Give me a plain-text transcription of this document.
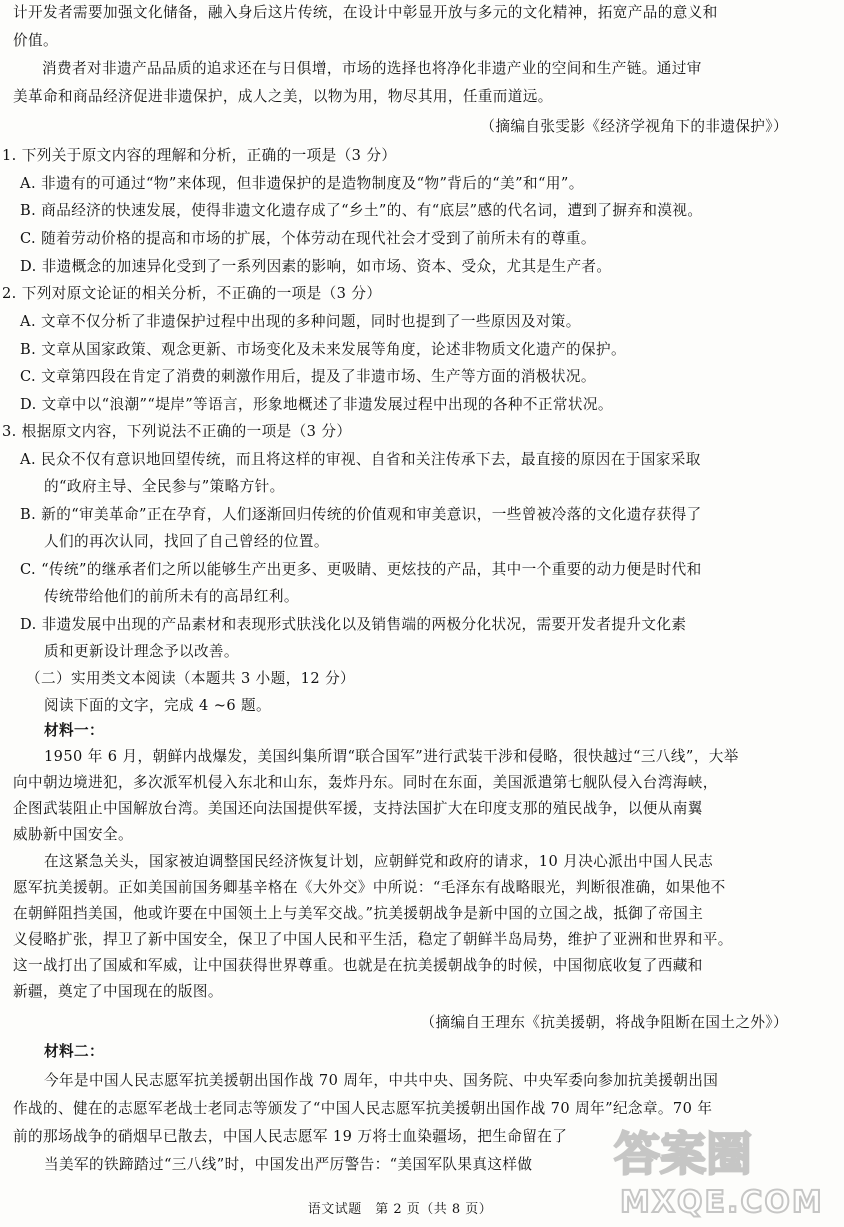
计开发者需要加强文化储备，融入身后这片传统，在设计中彰显开放与多元的文化精神，拓宽产品的意义和
价值。
消费者对非遗产品品质的追求还在与日俱增，市场的选择也将净化非遗产业的空间和生产链。通过审
美革命和商品经济促进非遗保护，成人之美，以物为用，物尽其用，任重而道远。
（摘编自张雯影《经济学视角下的非遗保护》）
1. 下列关于原文内容的理解和分析，正确的一项是（3 分）
A. 非遗有的可通过“物”来体现，但非遗保护的是造物制度及“物”背后的“美”和“用”。
B. 商品经济的快速发展，使得非遗文化遗存成了“乡土”的、有“底层”感的代名词，遭到了摒弃和漠视。
C. 随着劳动价格的提高和市场的扩展，个体劳动在现代社会才受到了前所未有的尊重。
D. 非遗概念的加速异化受到了一系列因素的影响，如市场、资本、受众，尤其是生产者。
2. 下列对原文论证的相关分析，不正确的一项是（3 分）
A. 文章不仅分析了非遗保护过程中出现的多种问题，同时也提到了一些原因及对策。
B. 文章从国家政策、观念更新、市场变化及未来发展等角度，论述非物质文化遗产的保护。
C. 文章第四段在肯定了消费的刺激作用后，提及了非遗市场、生产等方面的消极状况。
D. 文章中以“浪潮”“堤岸”等语言，形象地概述了非遗发展过程中出现的各种不正常状况。
3. 根据原文内容，下列说法不正确的一项是（3 分）
A. 民众不仅有意识地回望传统，而且将这样的审视、自省和关注传承下去，最直接的原因在于国家采取
的“政府主导、全民参与”策略方针。
B. 新的“审美革命”正在孕育，人们逐渐回归传统的价值观和审美意识，一些曾被冷落的文化遗存获得了
人们的再次认同，找回了自己曾经的位置。
C. “传统”的继承者们之所以能够生产出更多、更吸睛、更炫技的产品，其中一个重要的动力便是时代和
传统带给他们的前所未有的高昂红利。
D. 非遗发展中出现的产品素材和表现形式肤浅化以及销售端的两极分化状况，需要开发者提升文化素
质和更新设计理念予以改善。
（二）实用类文本阅读（本题共 3 小题，12 分）
阅读下面的文字，完成 4 ~6 题。
材料一：
1950 年 6 月，朝鲜内战爆发，美国纠集所谓“联合国军”进行武装干涉和侵略，很快越过“三八线”，大举
向中朝边境进犯，多次派军机侵入东北和山东，轰炸丹东。同时在东面，美国派遣第七舰队侵入台湾海峡，
企图武装阻止中国解放台湾。美国还向法国提供军援，支持法国扩大在印度支那的殖民战争，以便从南翼
威胁新中国安全。
在这紧急关头，国家被迫调整国民经济恢复计划，应朝鲜党和政府的请求，10 月决心派出中国人民志
愿军抗美援朝。正如美国前国务卿基辛格在《大外交》中所说：“毛泽东有战略眼光，判断很准确，如果他不
在朝鲜阻挡美国，他或许要在中国领土上与美军交战。”抗美援朝战争是新中国的立国之战，抵御了帝国主
义侵略扩张，捍卫了新中国安全，保卫了中国人民和平生活，稳定了朝鲜半岛局势，维护了亚洲和世界和平。
这一战打出了国威和军威，让中国获得世界尊重。也就是在抗美援朝战争的时候，中国彻底收复了西藏和
新疆，奠定了中国现在的版图。
（摘编自王理东《抗美援朝，将战争阻断在国土之外》）
材料二：
今年是中国人民志愿军抗美援朝出国作战 70 周年，中共中央、国务院、中央军委向参加抗美援朝出国
作战的、健在的志愿军老战士老同志等颁发了“中国人民志愿军抗美援朝出国作战 70 周年”纪念章。70 年
前的那场战争的硝烟早已散去，中国人民志愿军 19 万将士血染疆场，把生命留在了
当美军的铁蹄踏过“三八线”时，中国发出严厉警告：“美国军队果真这样做
语文试题　第 2 页（共 8 页）
答案圈
MXQE.COM
